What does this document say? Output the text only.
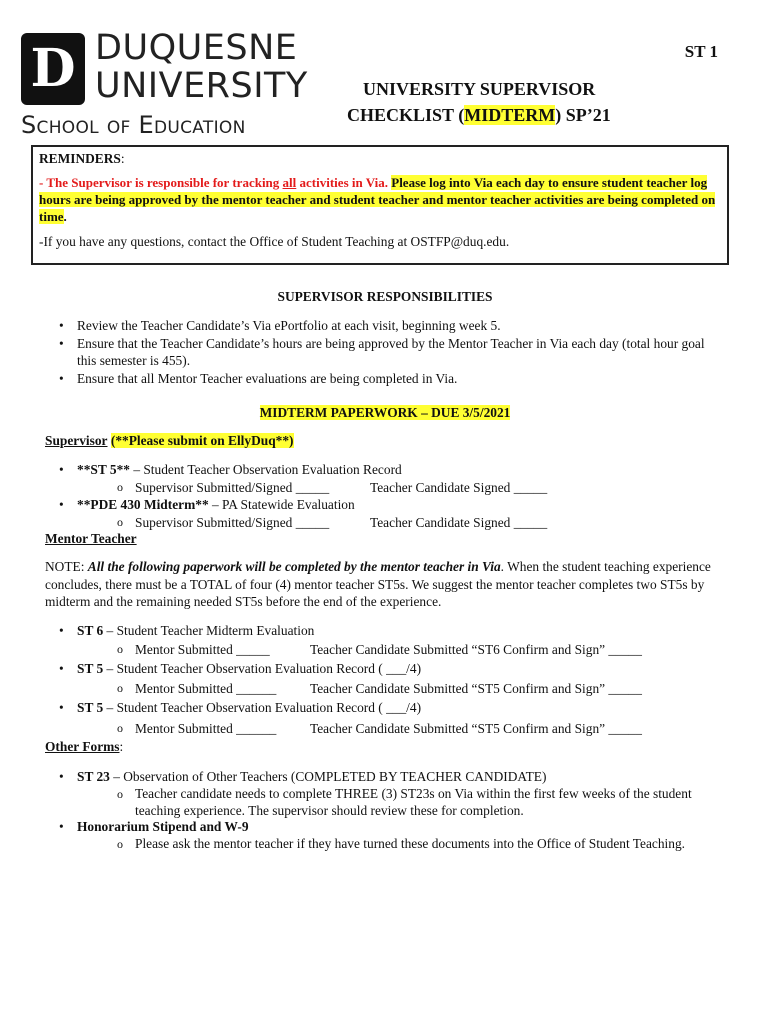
D DUQUESNE
UNIVERSITY
School of Education
ST 1
UNIVERSITY SUPERVISOR
CHECKLIST (MIDTERM) SP’21

REMINDERS:

- The Supervisor is responsible for tracking all activities in Via. Please log into Via each day to ensure student teacher log hours are being approved by the mentor teacher and student teacher and mentor teacher activities are being completed on time.

-If you have any questions, contact the Office of Student Teaching at OSTFP@duq.edu.

SUPERVISOR RESPONSIBILITIES
• Review the Teacher Candidate’s Via ePortfolio at each visit, beginning week 5.
• Ensure that the Teacher Candidate’s hours are being approved by the Mentor Teacher in Via each day (total hour goal this semester is 455).
• Ensure that all Mentor Teacher evaluations are being completed in Via.
MIDTERM PAPERWORK – DUE 3/5/2021
Supervisor (**Please submit on EllyDuq**)
• **ST 5** – Student Teacher Observation Evaluation Record
o Supervisor Submitted/Signed _____	Teacher Candidate Signed _____
• **PDE 430 Midterm** – PA Statewide Evaluation
o Supervisor Submitted/Signed _____	Teacher Candidate Signed _____
Mentor Teacher
NOTE: All the following paperwork will be completed by the mentor teacher in Via. When the student teaching experience concludes, there must be a TOTAL of four (4) mentor teacher ST5s. We suggest the mentor teacher completes two ST5s by midterm and the remaining needed ST5s before the end of the experience.
• ST 6 – Student Teacher Midterm Evaluation
o Mentor Submitted _____	Teacher Candidate Submitted “ST6 Confirm and Sign” _____
• ST 5 – Student Teacher Observation Evaluation Record ( ___/4)
o Mentor Submitted ______	Teacher Candidate Submitted “ST5 Confirm and Sign” _____
• ST 5 – Student Teacher Observation Evaluation Record ( ___/4)
o Mentor Submitted ______	Teacher Candidate Submitted “ST5 Confirm and Sign” _____
Other Forms:
• ST 23 – Observation of Other Teachers (COMPLETED BY TEACHER CANDIDATE)
o Teacher candidate needs to complete THREE (3) ST23s on Via within the first few weeks of the student teaching experience. The supervisor should review these for completion.
• Honorarium Stipend and W-9
o Please ask the mentor teacher if they have turned these documents into the Office of Student Teaching.
